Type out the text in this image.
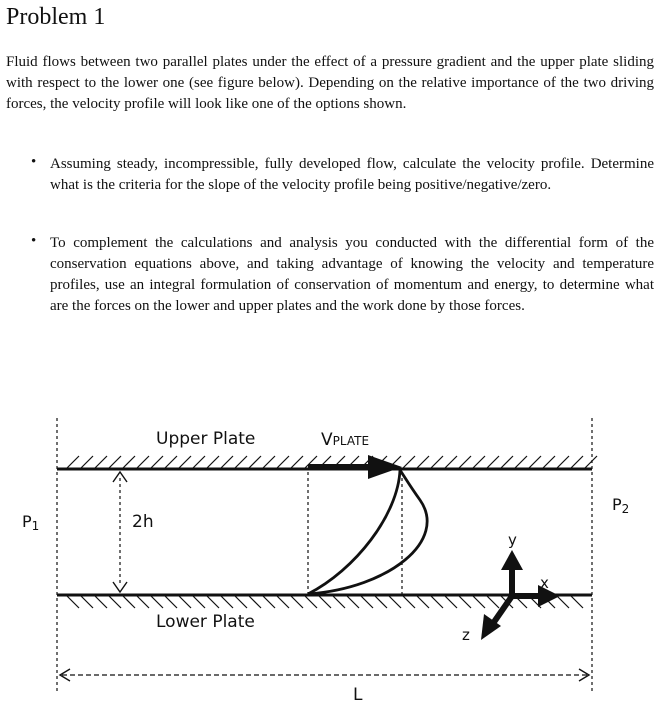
Problem 1

Fluid flows between two parallel plates under the effect of a pressure gradient and the upper plate sliding with respect to the lower one (see figure below). Depending on the relative importance of the two driving forces, the velocity profile will look like one of the options shown.

• Assuming steady, incompressible, fully developed flow, calculate the velocity profile. Determine what is the criteria for the slope of the velocity profile being positive/negative/zero.

• To complement the calculations and analysis you conducted with the differential form of the conservation equations above, and taking advantage of knowing the velocity and temperature profiles, use an integral formulation of conservation of momentum and energy, to determine what are the forces on the lower and upper plates and the work done by those forces.

Upper Plate
Lower Plate
VPLATE
P1
P2
2h
L
y
x
z
